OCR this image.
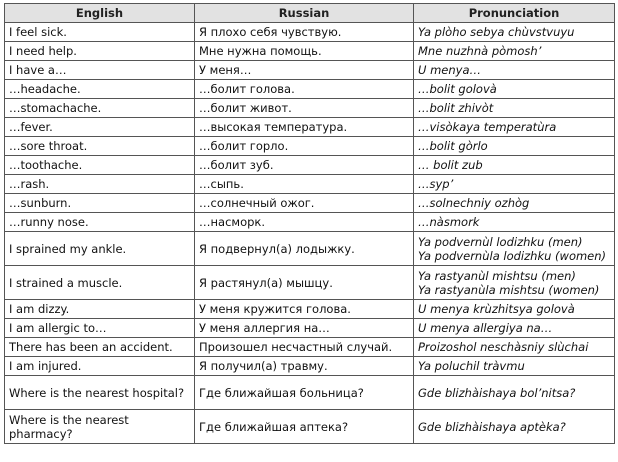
English	Russian	Pronunciation
I feel sick.	Я плохо себя чувствую.	Ya plòho sebya chùvstvuyu

I need help.	Мне нужна помощь.	Mne nuzhnà pòmosh’

I have a…	У меня…	U menya…

…headache.	…болит голова.	…bolit golovà

…stomachache.	…болит живот.	…bolit zhivòt

…fever.	…высокая температура.	…visòkaya temperatùra

…sore throat.	…болит горло.	…bolit gòrlo

…toothache.	…болит зуб.	… bolit zub

…rash.	…сыпь.	…syp’

…sunburn.	…солнечный ожог.	…solnechniy ozhòg

…runny nose.	…насморк.	…nàsmork

I sprained my ankle.	Я подвернул(а) лодыжку.	Ya podvernùl lodizhku (men)
Ya podvernùla lodizhku (women)

I strained a muscle.	Я растянул(а) мышцу.	Ya rastyanùl mishtsu (men)
Ya rastyanùla mishtsu (women)

I am dizzy.	У меня кружится голова.	U menya krùzhitsya golovà

I am allergic to…	У меня аллергия на…	U menya allergiya na…

There has been an accident.	Произошел несчастный случай.	Proizoshol neschàsniy slùchai

I am injured.	Я получил(а) травму.	Ya poluchil tràvmu

Where is the nearest hospital?	Где ближайшая больница?	Gde blizhàishaya bol’nitsa?

Where is the nearest pharmacy?	Где ближайшая аптека?	Gde blizhàishaya aptèka?
